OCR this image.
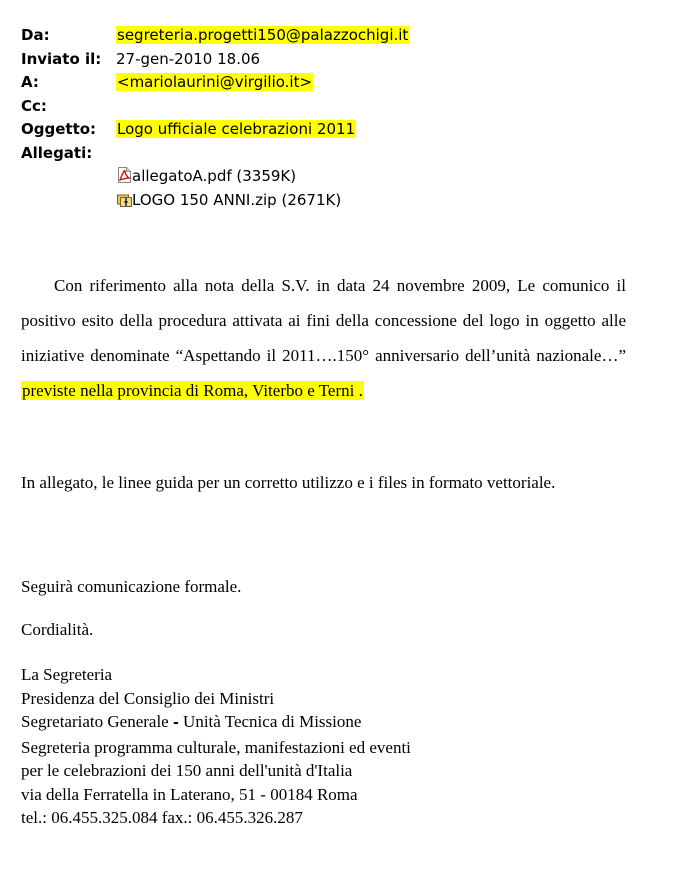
Da:	segreteria.progetti150@palazzochigi.it
Inviato il: 27-gen-2010 18.06
A:	<mariolaurini@virgilio.it>
Cc:
Oggetto: Logo ufficiale celebrazioni 2011
Allegati:
allegatoA.pdf (3359K)
LOGO 150 ANNI.zip (2671K)

Con riferimento alla nota della S.V. in data 24 novembre 2009, Le comunico il positivo esito della procedura attivata ai fini della concessione del logo in oggetto alle iniziative denominate “Aspettando il 2011….150° anniversario dell’unità nazionale…” previste nella provincia di Roma, Viterbo e Terni .

In allegato, le linee guida per un corretto utilizzo e i files in formato vettoriale.

Seguirà comunicazione formale.

Cordialità.

La Segreteria
Presidenza del Consiglio dei Ministri
Segretariato Generale - Unità Tecnica di Missione
Segreteria programma culturale, manifestazioni ed eventi
per le celebrazioni dei 150 anni dell'unità d'Italia
via della Ferratella in Laterano, 51 - 00184 Roma
tel.: 06.455.325.084 fax.: 06.455.326.287
